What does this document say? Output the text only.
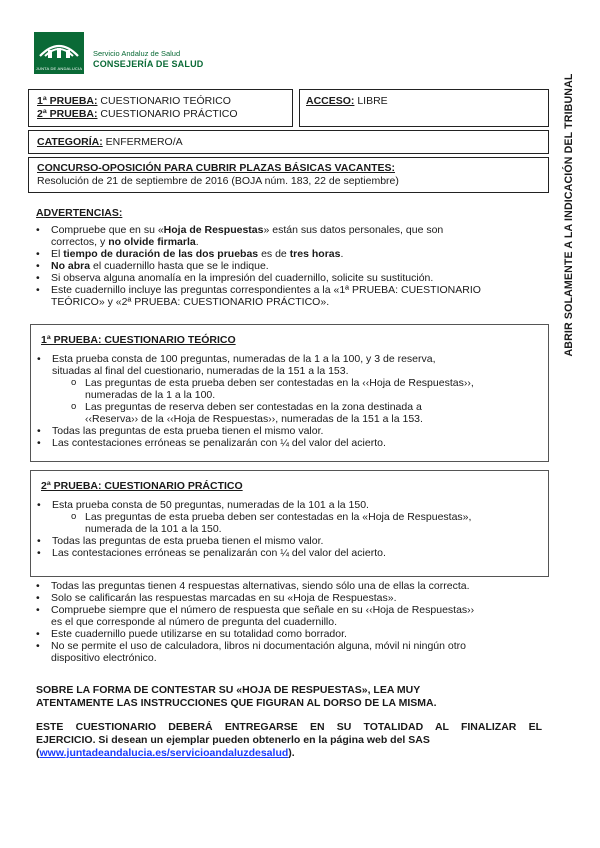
JUNTA DE ANDALUCIA
Servicio Andaluz de Salud
CONSEJERÍA DE SALUD
ABRIR SOLAMENTE A LA INDICACIÓN DEL TRIBUNAL
1ª PRUEBA: CUESTIONARIO TEÓRICO
2ª PRUEBA: CUESTIONARIO PRÁCTICO
ACCESO: LIBRE
CATEGORÍA: ENFERMERO/A
CONCURSO-OPOSICIÓN PARA CUBRIR PLAZAS BÁSICAS VACANTES:
Resolución de 21 de septiembre de 2016 (BOJA núm. 183, 22 de septiembre)
ADVERTENCIAS:
• Compruebe que en su «Hoja de Respuestas» están sus datos personales, que son
correctos, y no olvide firmarla.
• El tiempo de duración de las dos pruebas es de tres horas.
• No abra el cuadernillo hasta que se le indique.
• Si observa alguna anomalía en la impresión del cuadernillo, solicite su sustitución.
• Este cuadernillo incluye las preguntas correspondientes a la «1ª PRUEBA: CUESTIONARIO
TEÓRICO» y «2ª PRUEBA: CUESTIONARIO PRÁCTICO».
1ª PRUEBA: CUESTIONARIO TEÓRICO
• Esta prueba consta de 100 preguntas, numeradas de la 1 a la 100, y 3 de reserva,
situadas al final del cuestionario, numeradas de la 151 a la 153.
o Las preguntas de esta prueba deben ser contestadas en la ‹‹Hoja de Respuestas››,
numeradas de la 1 a la 100.
o Las preguntas de reserva deben ser contestadas en la zona destinada a
‹‹Reserva›› de la ‹‹Hoja de Respuestas››, numeradas de la 151 a la 153.
• Todas las preguntas de esta prueba tienen el mismo valor.
• Las contestaciones erróneas se penalizarán con ¼ del valor del acierto.
2ª PRUEBA: CUESTIONARIO PRÁCTICO
• Esta prueba consta de 50 preguntas, numeradas de la 101 a la 150.
o Las preguntas de esta prueba deben ser contestadas en la «Hoja de Respuestas»,
numerada de la 101 a la 150.
• Todas las preguntas de esta prueba tienen el mismo valor.
• Las contestaciones erróneas se penalizarán con ¼ del valor del acierto.
• Todas las preguntas tienen 4 respuestas alternativas, siendo sólo una de ellas la correcta.
• Solo se calificarán las respuestas marcadas en su «Hoja de Respuestas».
• Compruebe siempre que el número de respuesta que señale en su ‹‹Hoja de Respuestas››
es el que corresponde al número de pregunta del cuadernillo.
• Este cuadernillo puede utilizarse en su totalidad como borrador.
• No se permite el uso de calculadora, libros ni documentación alguna, móvil ni ningún otro
dispositivo electrónico.
SOBRE LA FORMA DE CONTESTAR SU «HOJA DE RESPUESTAS», LEA MUY
ATENTAMENTE LAS INSTRUCCIONES QUE FIGURAN AL DORSO DE LA MISMA.
ESTE CUESTIONARIO DEBERÁ ENTREGARSE EN SU TOTALIDAD AL FINALIZAR EL
EJERCICIO. Si desean un ejemplar pueden obtenerlo en la página web del SAS
(www.juntadeandalucia.es/servicioandaluzdesalud).
